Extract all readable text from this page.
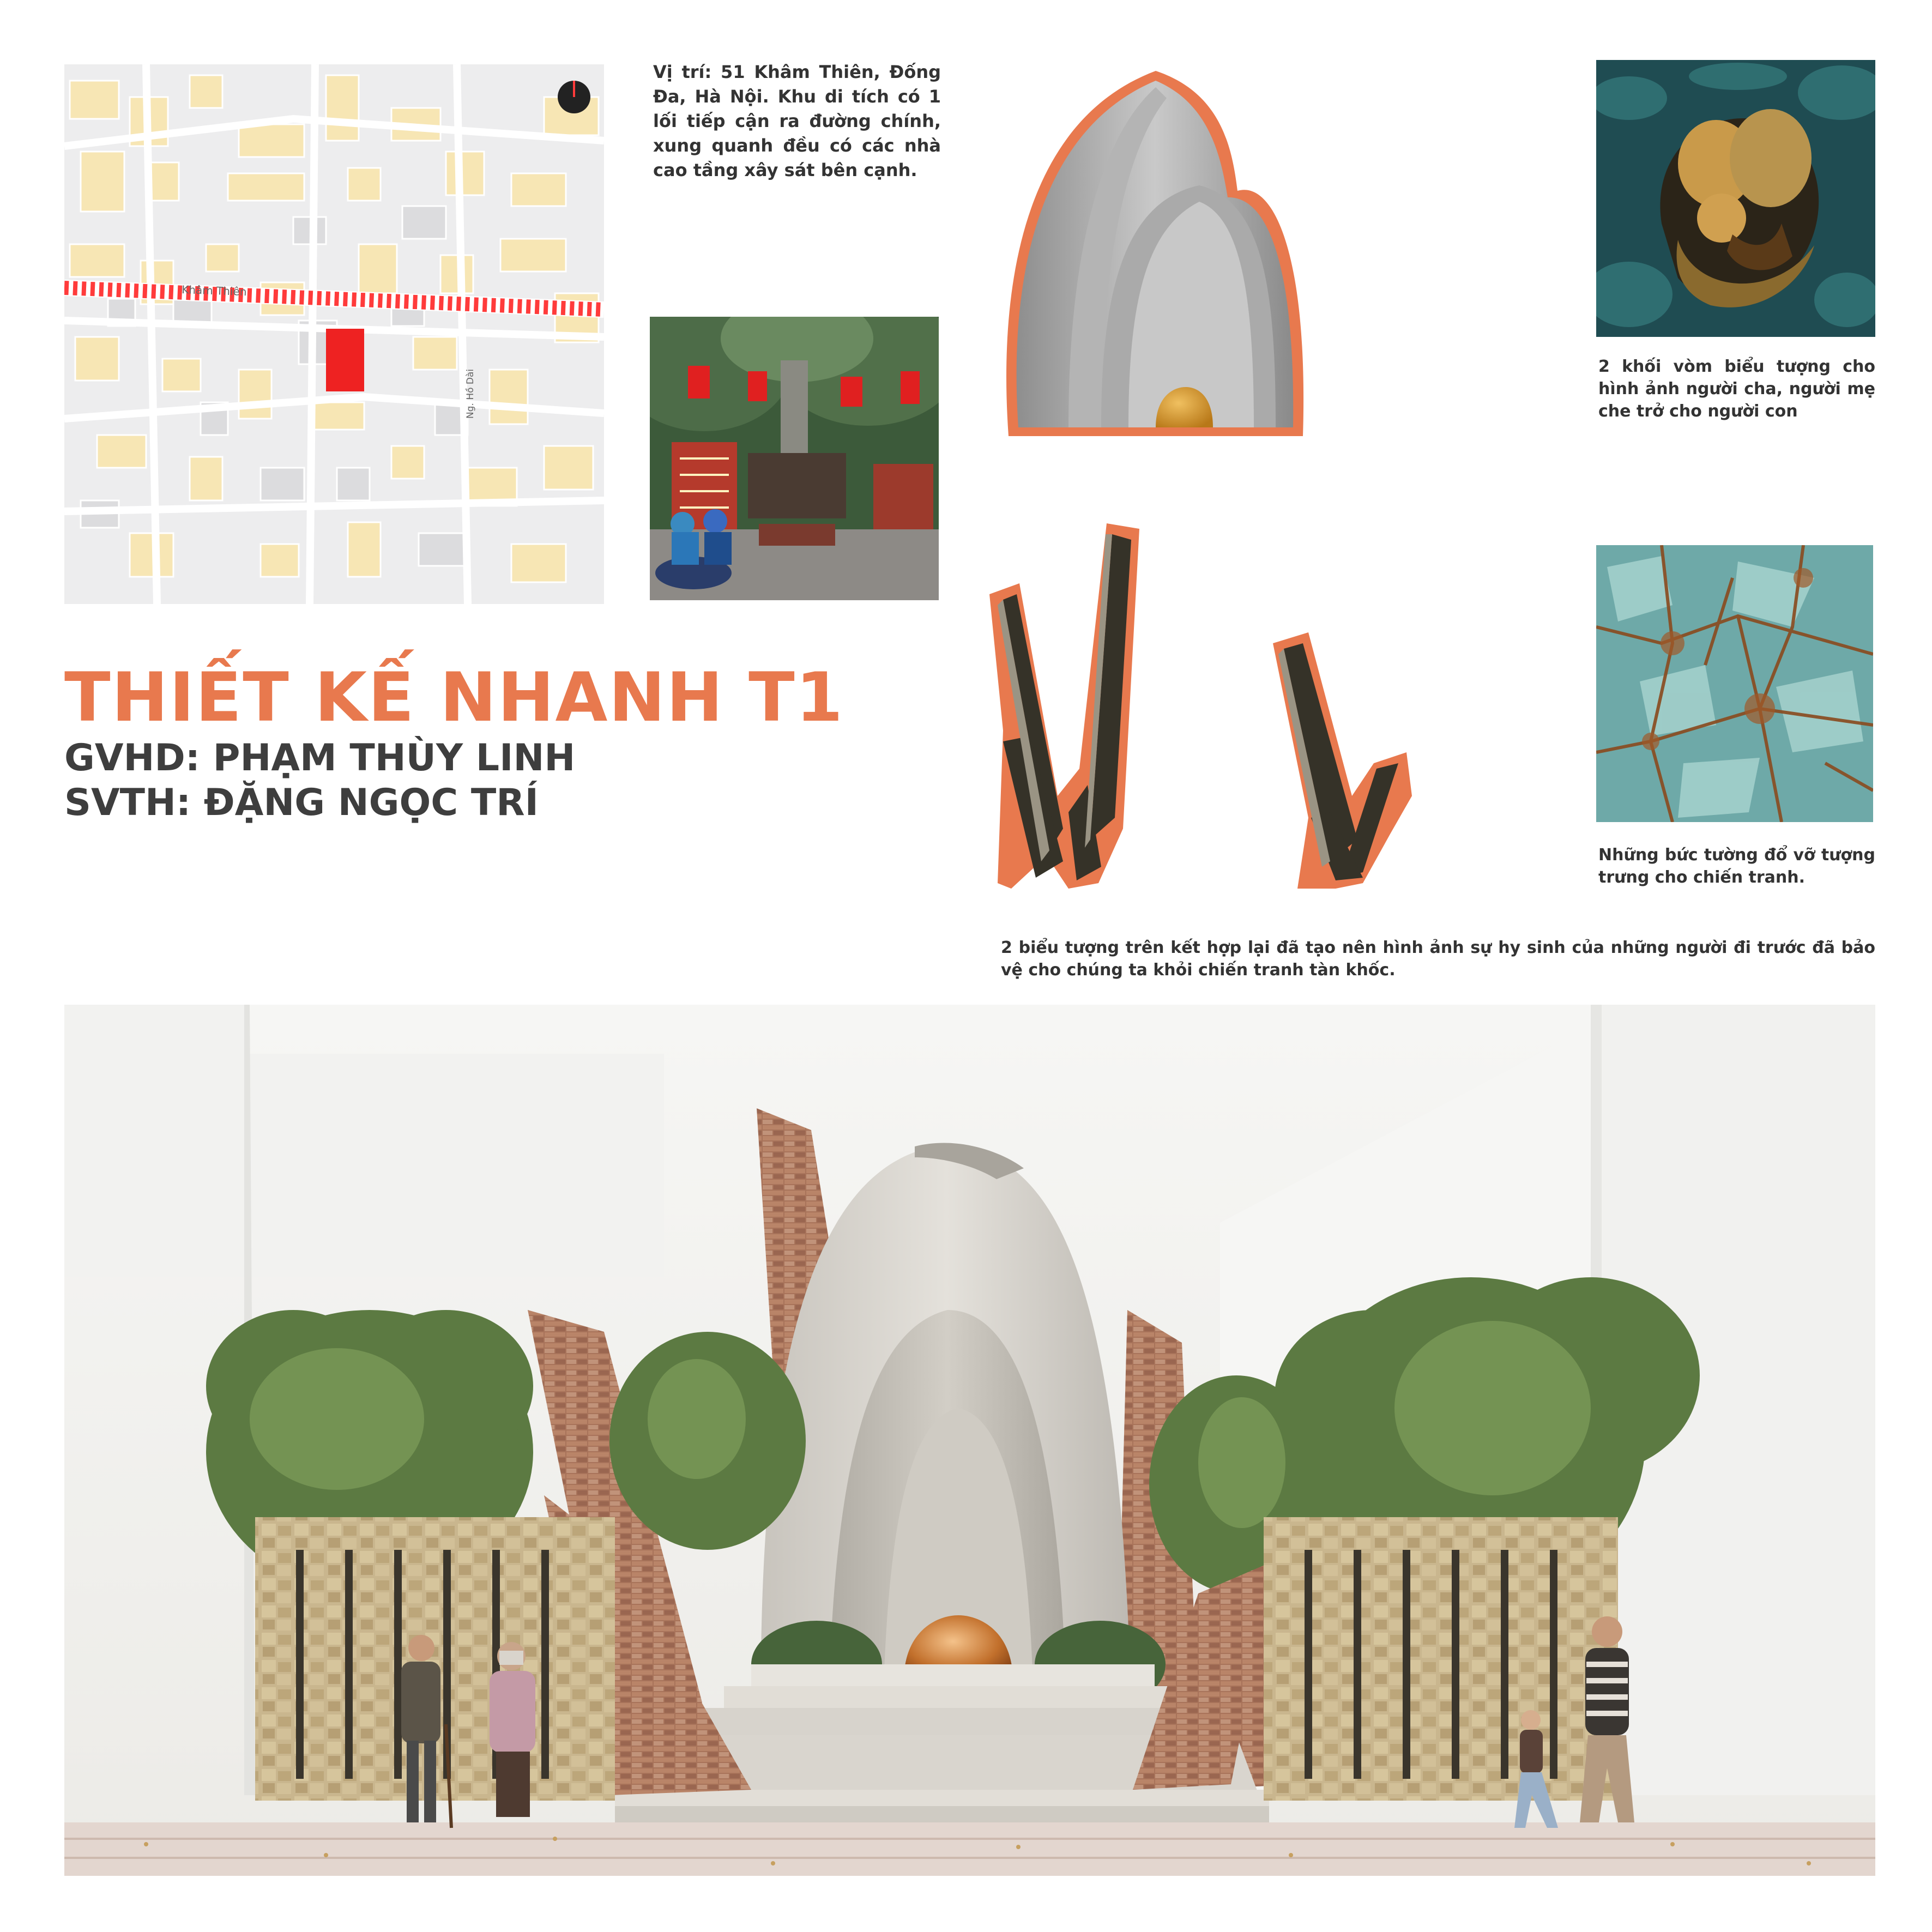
Khâm Thiên
Ng. Hồ Dài
Vị trí: 51 Khâm Thiên, Đống Đa, Hà Nội. Khu di tích có 1 lối tiếp cận ra đường chính, xung quanh đều có các nhà cao tầng xây sát bên cạnh.
THIẾT KẾ NHANH T1
GVHD: PHẠM THÙY LINH
SVTH: ĐẶNG NGỌC TRÍ
2 khối vòm biểu tượng cho hình ảnh người cha, người mẹ che trở cho người con
Những bức tường đổ vỡ tượng trưng cho chiến tranh.
2 biểu tượng trên kết hợp lại đã tạo nên hình ảnh sự hy sinh của những người đi trước đã bảo vệ cho chúng ta khỏi chiến tranh tàn khốc.
